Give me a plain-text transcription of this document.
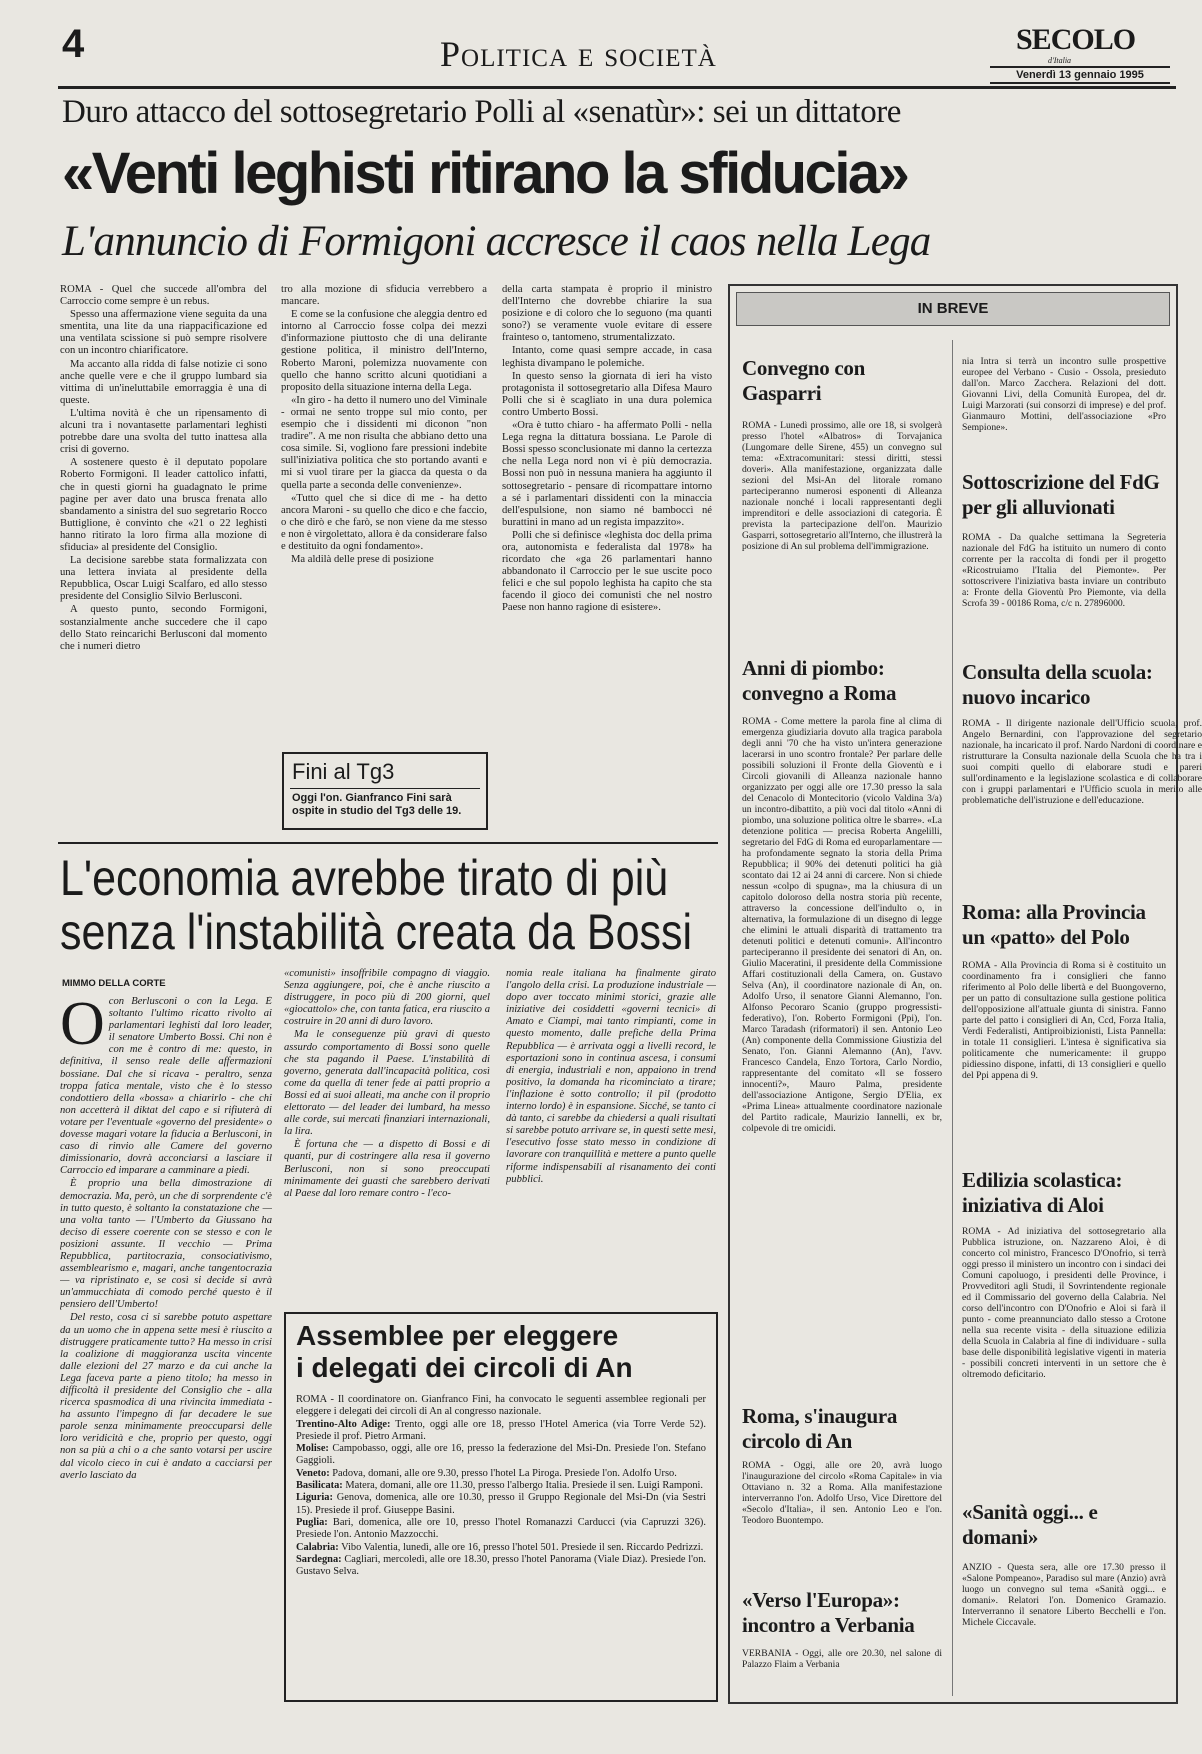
4	Politica e società	SECOLO
d'Italia
Venerdì 13 gennaio 1995
Duro attacco del sottosegretario Polli al «senatùr»: sei un dittatore
«Venti leghisti ritirano la sfiducia»
L'annuncio di Formigoni accresce il caos nella Lega

ROMA - Quel che succede all'ombra del Carroccio come sempre è un rebus.

Spesso una affermazione viene seguita da una smentita, una lite da una riappacificazione ed una ventilata scissione si può sempre risolvere con un incontro chiarificatore.

Ma accanto alla ridda di false notizie ci sono anche quelle vere e che il gruppo lumbard sia vittima di un'ineluttabile emorraggia è una di queste.

L'ultima novità è che un ripensamento di alcuni tra i novantasette parlamentari leghisti potrebbe dare una svolta del tutto inattesa alla crisi di governo.

A sostenere questo è il deputato popolare Roberto Formigoni. Il leader cattolico infatti, che in questi giorni ha guadagnato le prime pagine per aver dato una brusca frenata allo sbandamento a sinistra del suo segretario Rocco Buttiglione, è convinto che «21 o 22 leghisti hanno ritirato la loro firma alla mozione di sfiducia» al presidente del Consiglio.

La decisione sarebbe stata formalizzata con una lettera inviata al presidente della Repubblica, Oscar Luigi Scalfaro, ed allo stesso presidente del Consiglio Silvio Berlusconi.

A questo punto, secondo Formigoni, sostanzialmente anche succedere che il capo dello Stato reincarichi Berlusconi dal momento che i numeri dietro

tro alla mozione di sfiducia verrebbero a mancare.

E come se la confusione che aleggia dentro ed intorno al Carroccio fosse colpa dei mezzi d'informazione piuttosto che di una delirante gestione politica, il ministro dell'Interno, Roberto Maroni, polemizza nuovamente con quello che hanno scritto alcuni quotidiani a proposito della situazione interna della Lega.

«In giro - ha detto il numero uno del Viminale - ormai ne sento troppe sul mio conto, per esempio che i dissidenti mi diconon "non tradire". A me non risulta che abbiano detto una cosa simile. Si, vogliono fare pressioni indebite sull'iniziativa politica che sto portando avanti e mi si vuol tirare per la giacca da questa o da quella parte a seconda delle convenienze».

«Tutto quel che si dice di me - ha detto ancora Maroni - su quello che dico e che faccio, o che dirò e che farò, se non viene da me stesso e non è virgolettato, allora è da considerare falso e destituito da ogni fondamento».

Ma aldilà delle prese di posizione

della carta stampata è proprio il ministro dell'Interno che dovrebbe chiarire la sua posizione e di coloro che lo seguono (ma quanti sono?) se veramente vuole evitare di essere frainteso o, tantomeno, strumentalizzato.

Intanto, come quasi sempre accade, in casa leghista divampano le polemiche.

In questo senso la giornata di ieri ha visto protagonista il sottosegretario alla Difesa Mauro Polli che si è scagliato in una dura polemica contro Umberto Bossi.

«Ora è tutto chiaro - ha affermato Polli - nella Lega regna la dittatura bossiana. Le Parole di Bossi spesso sconclusionate mi danno la certezza che nella Lega nord non vi è più democrazia. Bossi non può in nessuna maniera ha aggiunto il sottosegretario - pensare di ricompattare intorno a sé i parlamentari dissidenti con la minaccia dell'espulsione, non siamo né bamboccì né burattini in mano ad un regista impazzito».

Polli che si definisce «leghista doc della prima ora, autonomista e federalista dal 1978» ha ricordato che «ga 26 parlamentari hanno abbandonato il Carroccio per le sue uscite poco felici e che sul popolo leghista ha capito che sta facendo il gioco dei comunisti che nel nostro Paese non hanno ragione di esistere».

Fini al Tg3
Oggi l'on. Gianfranco Fini sarà ospite in studio del Tg3 delle 19.
L'economia avrebbe tirato di più
senza l'instabilità creata da Bossi
MIMMO DELLA CORTE
O con Berlusconi o con la Lega. È soltanto l'ultimo ricatto rivolto ai parlamentari leghisti dal loro leader, il senatore Umberto Bossi. Chi non è con me è contro di me: questo, in definitiva, il senso reale delle affermazioni bossiane. Dal che si ricava - peraltro, senza troppa fatica mentale, visto che è lo stesso condottiero della «bossa» a chiarirlo - che chi non accetterà il diktat del capo e si rifiuterà di votare per l'eventuale «governo del presidente» o dovesse magari votare la fiducia a Berlusconi, in caso di rinvio alle Camere del governo dimissionario, dovrà acconciarsi a lasciare il Carroccio ed imparare a camminare a piedi.

È proprio una bella dimostrazione di democrazia. Ma, però, un che di sorprendente c'è in tutto questo, è soltanto la constatazione che — una volta tanto — l'Umberto da Giussano ha deciso di essere coerente con se stesso e con le posizioni assunte. Il vecchio — Prima Repubblica, partitocrazia, consociativismo, assemblearismo e, magari, anche tangentocrazia — va ripristinato e, se così si decide si avrà un'ammucchiata di comodo perché questo è il pensiero dell'Umberto!

Del resto, cosa ci si sarebbe potuto aspettare da un uomo che in appena sette mesi è riuscito a distruggere praticamente tutto? Ha messo in crisi la coalizione di maggioranza uscita vincente dalle elezioni del 27 marzo e da cui anche la Lega faceva parte a pieno titolo; ha messo in difficoltà il presidente del Consiglio che - alla ricerca spasmodica di una rivincita immediata - ha assunto l'impegno di far decadere le sue parole senza minimamente preoccuparsi delle loro veridicità e che, proprio per questo, oggi non sa più a chi o a che santo votarsi per uscire dal vicolo cieco in cui è andato a cacciarsi per averlo lasciato da

«comunisti» insoffribile compagno di viaggio. Senza aggiungere, poi, che è anche riuscito a distruggere, in poco più di 200 giorni, quel «giocattolo» che, con tanta fatica, era riuscito a costruire in 20 anni di duro lavoro.

Ma le conseguenze più gravi di questo assurdo comportamento di Bossi sono quelle che sta pagando il Paese. L'instabilità di governo, generata dall'incapacità politica, così come da quella di tener fede ai patti proprio a Bossi ed ai suoi alleati, ma anche con il proprio elettorato — del leader dei lumbard, ha messo alle corde, sui mercati finanziari internazionali, la lira.

È fortuna che — a dispetto di Bossi e di quanti, pur di costringere alla resa il governo Berlusconi, non si sono preoccupati minimamente dei guasti che sarebbero derivati al Paese dal loro remare contro - l'eco-

nomia reale italiana ha finalmente girato l'angolo della crisi. La produzione industriale — dopo aver toccato minimi storici, grazie alle iniziative dei cosiddetti «governi tecnici» di Amato e Ciampi, mai tanto rimpianti, come in questo momento, dalle prefiche della Prima Repubblica — è arrivata oggi a livelli record, le esportazioni sono in continua ascesa, i consumi di energia, industriali e non, appaiono in trend positivo, la domanda ha ricominciato a tirare; l'inflazione è sotto controllo; il pil (prodotto interno lordo) è in espansione. Sicché, se tanto ci dà tanto, ci sarebbe da chiedersi a quali risultati si sarebbe potuto arrivare se, in questi sette mesi, l'esecutivo fosse stato messo in condizione di lavorare con tranquillità e mettere a punto quelle riforme indispensabili al risanamento dei conti pubblici.

Assemblee per eleggere
i delegati dei circoli di An

ROMA - Il coordinatore on. Gianfranco Fini, ha convocato le seguenti assemblee regionali per eleggere i delegati dei circoli di An al congresso nazionale.

Trentino-Alto Adige: Trento, oggi alle ore 18, presso l'Hotel America (via Torre Verde 52). Presiede il prof. Pietro Armani.

Molise: Campobasso, oggi, alle ore 16, presso la federazione del Msi-Dn. Presiede l'on. Stefano Gaggioli.

Veneto: Padova, domani, alle ore 9.30, presso l'hotel La Piroga. Presiede l'on. Adolfo Urso.

Basilicata: Matera, domani, alle ore 11.30, presso l'albergo Italia. Presiede il sen. Luigi Ramponi.

Liguria: Genova, domenica, alle ore 10.30, presso il Gruppo Regionale del Msi-Dn (via Sestri 15). Presiede il prof. Giuseppe Basini.

Puglia: Bari, domenica, alle ore 10, presso l'hotel Romanazzi Carducci (via Capruzzi 326). Presiede l'on. Antonio Mazzocchi.

Calabria: Vibo Valentia, lunedì, alle ore 16, presso l'hotel 501. Presiede il sen. Riccardo Pedrizzi.

Sardegna: Cagliari, mercoledì, alle ore 18.30, presso l'hotel Panorama (Viale Diaz). Presiede l'on. Gustavo Selva.

IN BREVE
Convegno con Gasparri
ROMA - Lunedì prossimo, alle ore 18, si svolgerà presso l'hotel «Albatros» di Torvajanica (Lungomare delle Sirene, 455) un convegno sul tema: «Extracomunitari: stessi diritti, stessi doveri». Alla manifestazione, organizzata dalle sezioni del Msi-An del litorale romano parteciperanno numerosi esponenti di Alleanza nazionale nonché i locali rappresentanti degli imprenditori e delle associazioni di categoria. È prevista la partecipazione dell'on. Maurizio Gasparri, sottosegretario all'Interno, che illustrerà la posizione di An sul problema dell'immigrazione.
Anni di piombo: convegno a Roma
ROMA - Come mettere la parola fine al clima di emergenza giudiziaria dovuto alla tragica parabola degli anni '70 che ha visto un'intera generazione lacerarsi in uno scontro frontale? Per parlare delle possibili soluzioni il Fronte della Gioventù e i Circoli giovanili di Alleanza nazionale hanno organizzato per oggi alle ore 17.30 presso la sala del Cenacolo di Montecitorio (vicolo Valdina 3/a) un incontro-dibattito, a più voci dal titolo «Anni di piombo, una soluzione politica oltre le sbarre». «La detenzione politica — precisa Roberta Angelilli, segretario del FdG di Roma ed europarlamentare — ha profondamente segnato la storia della Prima Repubblica; il 90% dei detenuti politici ha già scontato dai 12 ai 24 anni di carcere. Non si chiede nessun «colpo di spugna», ma la chiusura di un capitolo doloroso della nostra storia più recente, attraverso la concessione dell'indulto o, in alternativa, la formulazione di un disegno di legge che elimini le attuali disparità di trattamento tra detenuti politici e detenuti comuni». All'incontro parteciperanno il presidente dei senatori di An, on. Giulio Maceratini, il presidente della Commissione Affari costituzionali della Camera, on. Gustavo Selva (An), il coordinatore nazionale di An, on. Adolfo Urso, il senatore Gianni Alemanno, l'on. Alfonso Pecoraro Scanio (gruppo progressisti-federativo), l'on. Roberto Formigoni (Ppi), l'on. Marco Taradash (riformatori) il sen. Antonio Leo (An) componente della Commissione Giustizia del Senato, l'on. Gianni Alemanno (An), l'avv. Francesco Candela, Enzo Tortora, Carlo Nordio, rappresentante del comitato «Il se fossero innocenti?», Mauro Palma, presidente dell'associazione Antigone, Sergio D'Elia, ex «Prima Linea» attualmente coordinatore nazionale del Partito radicale, Maurizio Iannelli, ex br, colpevole di tre omicidi.
Roma, s'inaugura circolo di An
ROMA - Oggi, alle ore 20, avrà luogo l'inaugurazione del circolo «Roma Capitale» in via Ottaviano n. 32 a Roma. Alla manifestazione interverranno l'on. Adolfo Urso, Vice Direttore del «Secolo d'Italia», il sen. Antonio Leo e l'on. Teodoro Buontempo.
«Verso l'Europa»: incontro a Verbania
VERBANIA - Oggi, alle ore 20.30, nel salone di Palazzo Flaim a Verbania
nia Intra si terrà un incontro sulle prospettive europee del Verbano - Cusio - Ossola, presieduto dall'on. Marco Zacchera. Relazioni del dott. Giovanni Livi, della Comunità Europea, del dr. Luigi Marzorati (sui consorzi di imprese) e del prof. Gianmauro Mottini, dell'associazione «Pro Sempione».
Sottoscrizione del FdG per gli alluvionati
ROMA - Da qualche settimana la Segreteria nazionale del FdG ha istituito un numero di conto corrente per la raccolta di fondi per il progetto «Ricostruiamo l'Italia del Piemonte». Per sottoscrivere l'iniziativa basta inviare un contributo a: Fronte della Gioventù Pro Piemonte, via della Scrofa 39 - 00186 Roma, c/c n. 27896000.
Consulta della scuola: nuovo incarico
ROMA - Il dirigente nazionale dell'Ufficio scuola, prof. Angelo Bernardini, con l'approvazione del segretario nazionale, ha incaricato il prof. Nardo Nardoni di coordinare e ristrutturare la Consulta nazionale della Scuola che ha tra i suoi compiti quello di elaborare studi e pareri sull'ordinamento e la legislazione scolastica e di collaborare con i gruppi parlamentari e l'Ufficio scuola in merito alle problematiche dell'istruzione e dell'educazione.
Roma: alla Provincia un «patto» del Polo
ROMA - Alla Provincia di Roma si è costituito un coordinamento fra i consiglieri che fanno riferimento al Polo delle libertà e del Buongoverno, per un patto di consultazione sulla gestione politica dell'opposizione all'attuale giunta di sinistra. Fanno parte del patto i consiglieri di An, Ccd, Forza Italia, Verdi Federalisti, Antiproibizionisti, Lista Pannella: in totale 11 consiglieri. L'intesa è significativa sia politicamente che numericamente: il gruppo pidiessino dispone, infatti, di 13 consiglieri e quello del Ppi appena di 9.
Edilizia scolastica: iniziativa di Aloi
ROMA - Ad iniziativa del sottosegretario alla Pubblica istruzione, on. Nazzareno Aloi, è di concerto col ministro, Francesco D'Onofrio, si terrà oggi presso il ministero un incontro con i sindaci dei Comuni capoluogo, i presidenti delle Province, i Provveditori agli Studi, il Sovrintendente regionale ed il Commissario del governo della Calabria. Nel corso dell'incontro con D'Onofrio e Aloi si farà il punto - come preannunciato dallo stesso a Crotone nella sua recente visita - della situazione edilizia della Scuola in Calabria al fine di individuare - sulla base delle disponibilità legislative vigenti in materia - possibili concreti interventi in un settore che è oltremodo deficitario.
«Sanità oggi... e domani»
ANZIO - Questa sera, alle ore 17.30 presso il «Salone Pompeano», Paradiso sul mare (Anzio) avrà luogo un convegno sul tema «Sanità oggi... e domani». Relatori l'on. Domenico Gramazio. Interverranno il senatore Liberto Becchelli e l'on. Michele Ciccavale.
